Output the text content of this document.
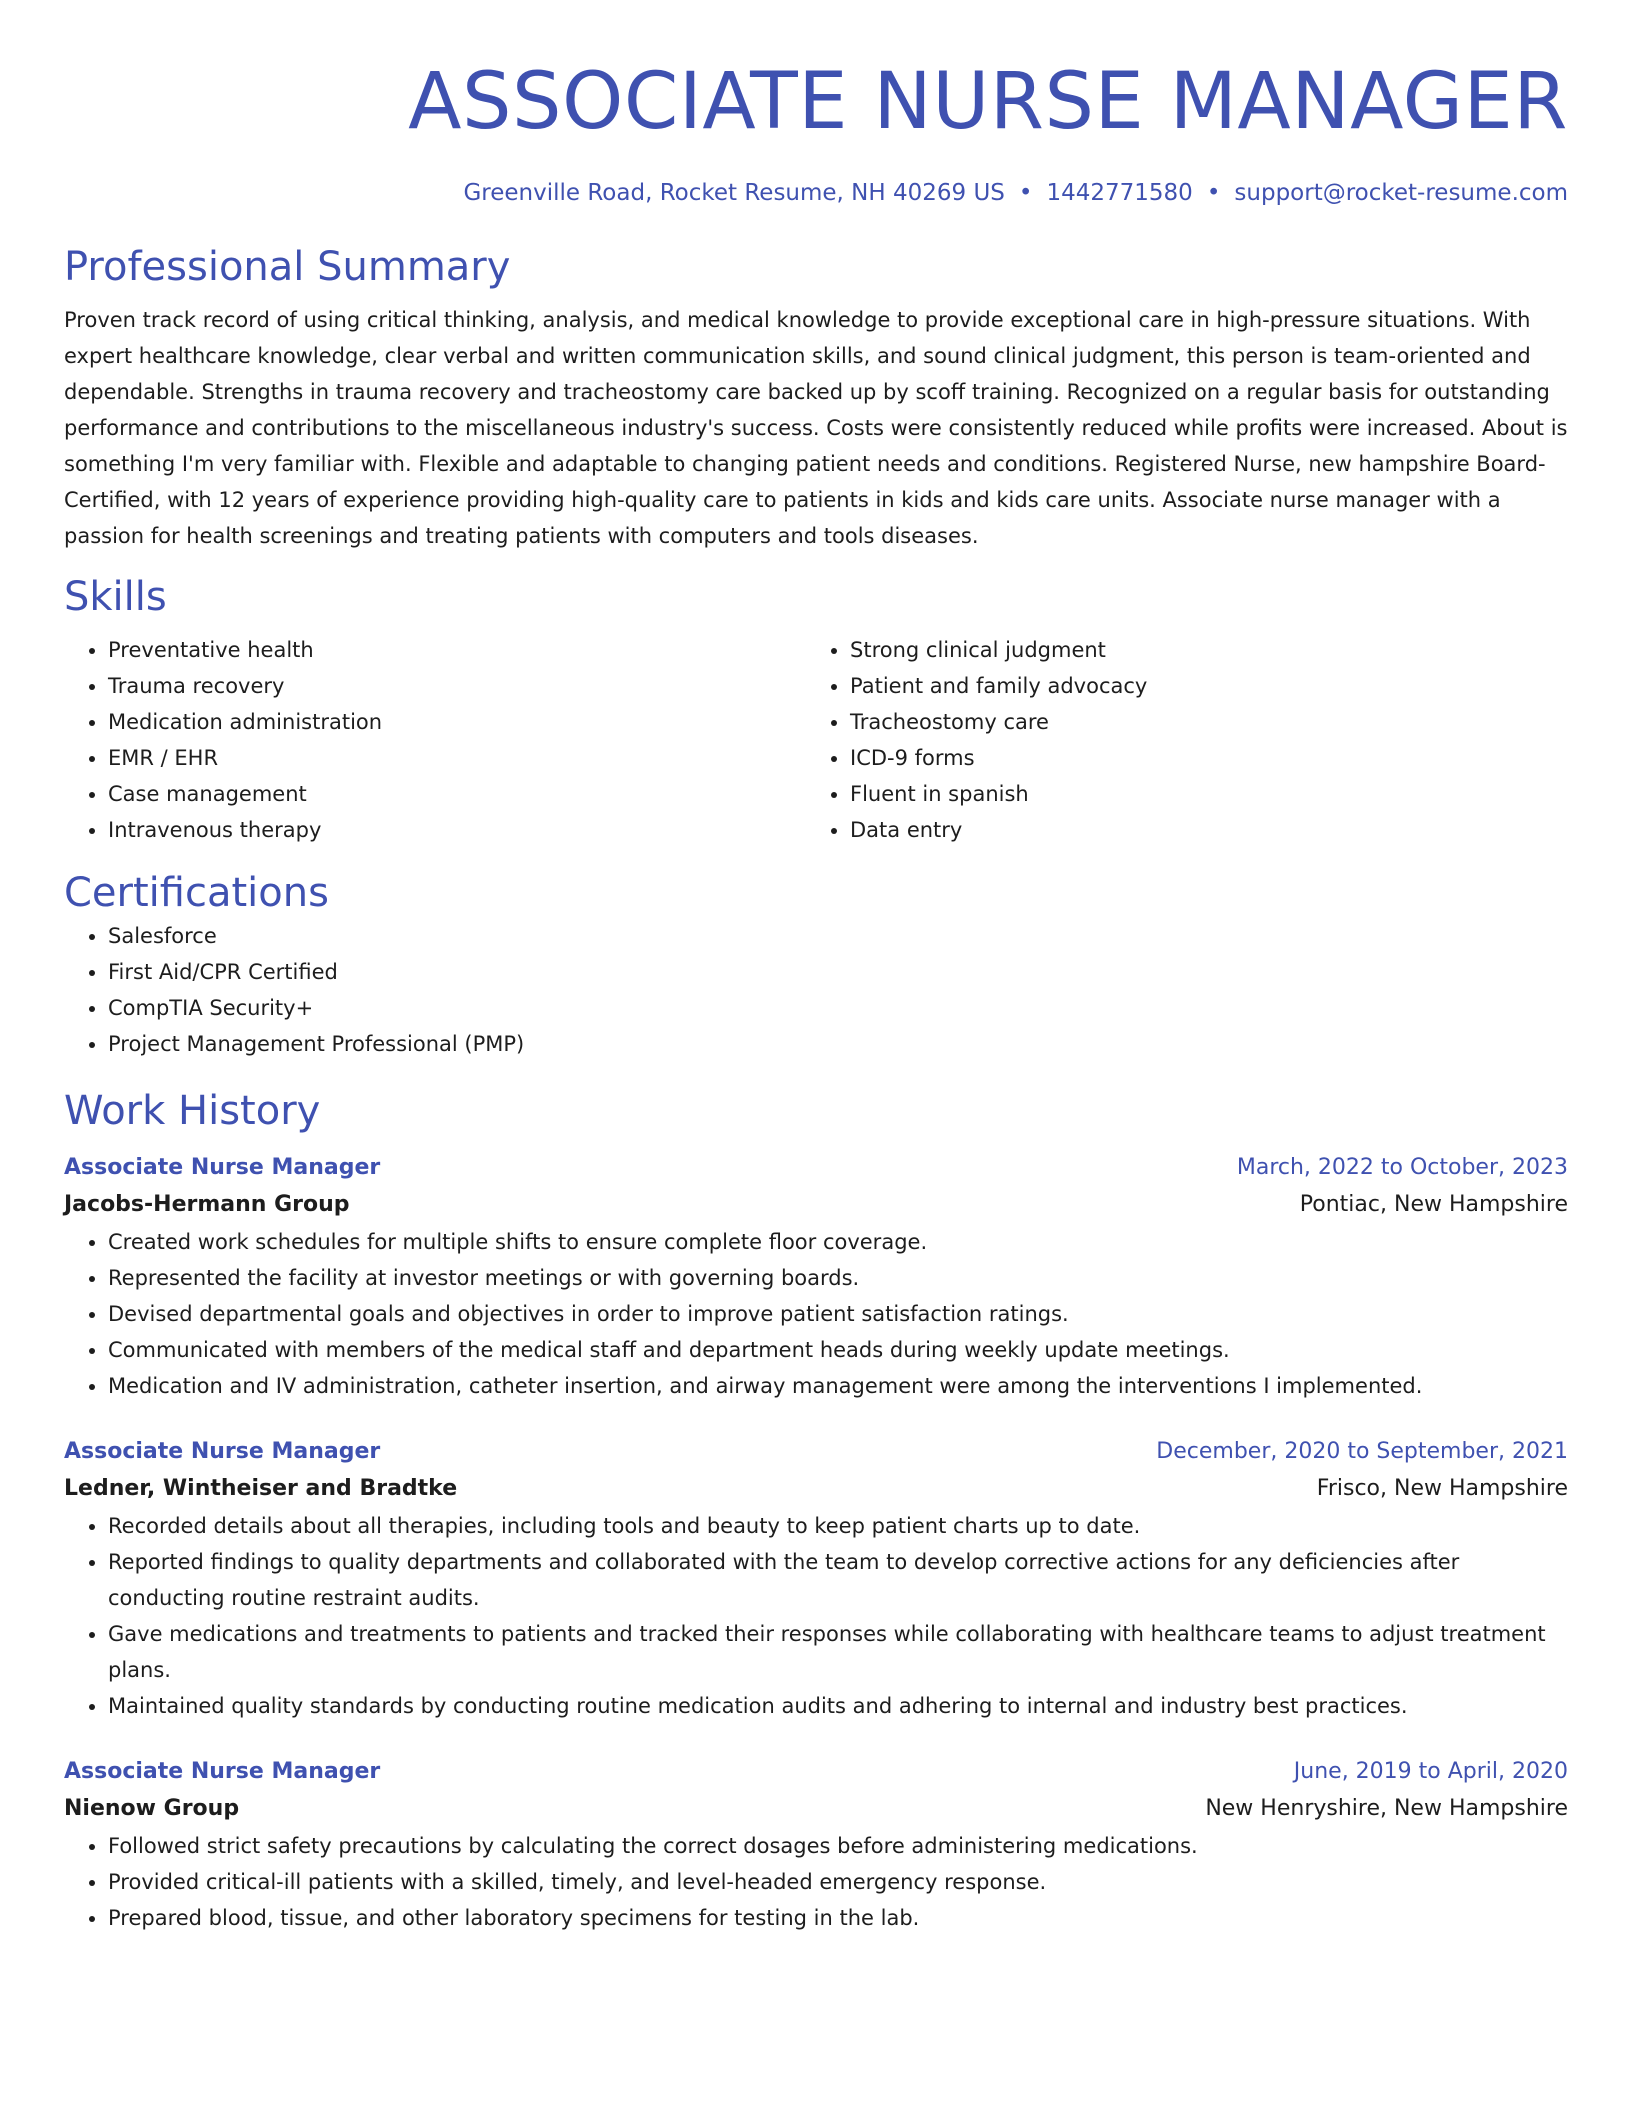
ASSOCIATE NURSE MANAGER
Greenville Road, Rocket Resume, NH 40269 US • 1442771580 • support@rocket-resume.com
Professional Summary

Proven track record of using critical thinking, analysis, and medical knowledge to provide exceptional care in high-pressure situations. With expert healthcare knowledge, clear verbal and written communication skills, and sound clinical judgment, this person is team-oriented and dependable. Strengths in trauma recovery and tracheostomy care backed up by scoff training. Recognized on a regular basis for outstanding performance and contributions to the miscellaneous industry's success. Costs were consistently reduced while profits were increased. About is something I'm very familiar with. Flexible and adaptable to changing patient needs and conditions. Registered Nurse, new hampshire Board-Certified, with 12 years of experience providing high-quality care to patients in kids and kids care units. Associate nurse manager with a passion for health screenings and treating patients with computers and tools diseases.

Skills
• Preventative health
• Trauma recovery
• Medication administration
• EMR / EHR
• Case management
• Intravenous therapy
• Strong clinical judgment
• Patient and family advocacy
• Tracheostomy care
• ICD-9 forms
• Fluent in spanish
• Data entry
Certifications
• Salesforce
• First Aid/CPR Certified
• CompTIA Security+
• Project Management Professional (PMP)
Work History
Associate Nurse Manager	March, 2022 to October, 2023
Jacobs-Hermann Group	Pontiac, New Hampshire
• Created work schedules for multiple shifts to ensure complete floor coverage.
• Represented the facility at investor meetings or with governing boards.
• Devised departmental goals and objectives in order to improve patient satisfaction ratings.
• Communicated with members of the medical staff and department heads during weekly update meetings.
• Medication and IV administration, catheter insertion, and airway management were among the interventions I implemented.
Associate Nurse Manager	December, 2020 to September, 2021
Ledner, Wintheiser and Bradtke	Frisco, New Hampshire
• Recorded details about all therapies, including tools and beauty to keep patient charts up to date.
• Reported findings to quality departments and collaborated with the team to develop corrective actions for any deficiencies after conducting routine restraint audits.
• Gave medications and treatments to patients and tracked their responses while collaborating with healthcare teams to adjust treatment plans.
• Maintained quality standards by conducting routine medication audits and adhering to internal and industry best practices.
Associate Nurse Manager	June, 2019 to April, 2020
Nienow Group	New Henryshire, New Hampshire
• Followed strict safety precautions by calculating the correct dosages before administering medications.
• Provided critical-ill patients with a skilled, timely, and level-headed emergency response.
• Prepared blood, tissue, and other laboratory specimens for testing in the lab.
